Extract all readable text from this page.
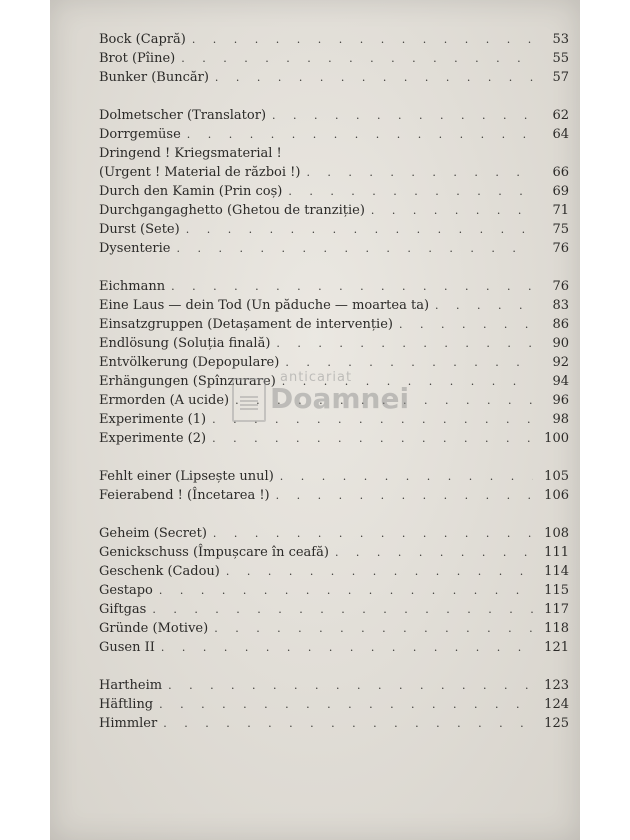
Bock (Capră) . . .	53
Brot (Pîine) . . .	55
Bunker (Buncăr) . . .	57
Dolmetscher (Translator) . . .	62
Dorrgemüse . . .	64
Dringend ! Kriegsmaterial !
(Urgent ! Material de război !) . . .	66
Durch den Kamin (Prin coș) . . .	69
Durchgangaghetto (Ghetou de tranziție) . . .	71
Durst (Sete) . . .	75
Dysenterie . . .	76
Eichmann . . .	76
Eine Laus — dein Tod (Un păduche — moartea ta) . . .	83
Einsatzgruppen (Detașament de intervenție) . . .	86
Endlösung (Soluția finală) . . .	90
Entvölkerung (Depopulare) . . .	92
Erhängungen (Spînzurare) . . .	94
Ermorden (A ucide) . . .	96
Experimente (1) . . .	98
Experimente (2) . . .	100
Fehlt einer (Lipsește unul) . . .	105
Feierabend ! (Încetarea !) . . .	106
Geheim (Secret) . . .	108
Genickschuss (Împușcare în ceafă) . . .	111
Geschenk (Cadou) . . .	114
Gestapo . . .	115
Giftgas . . .	117
Gründe (Motive) . . .	118
Gusen II . . .	121
Hartheim . . .	123
Häftling . . .	124
Himmler . . .	125
anticariat
Doamnei
